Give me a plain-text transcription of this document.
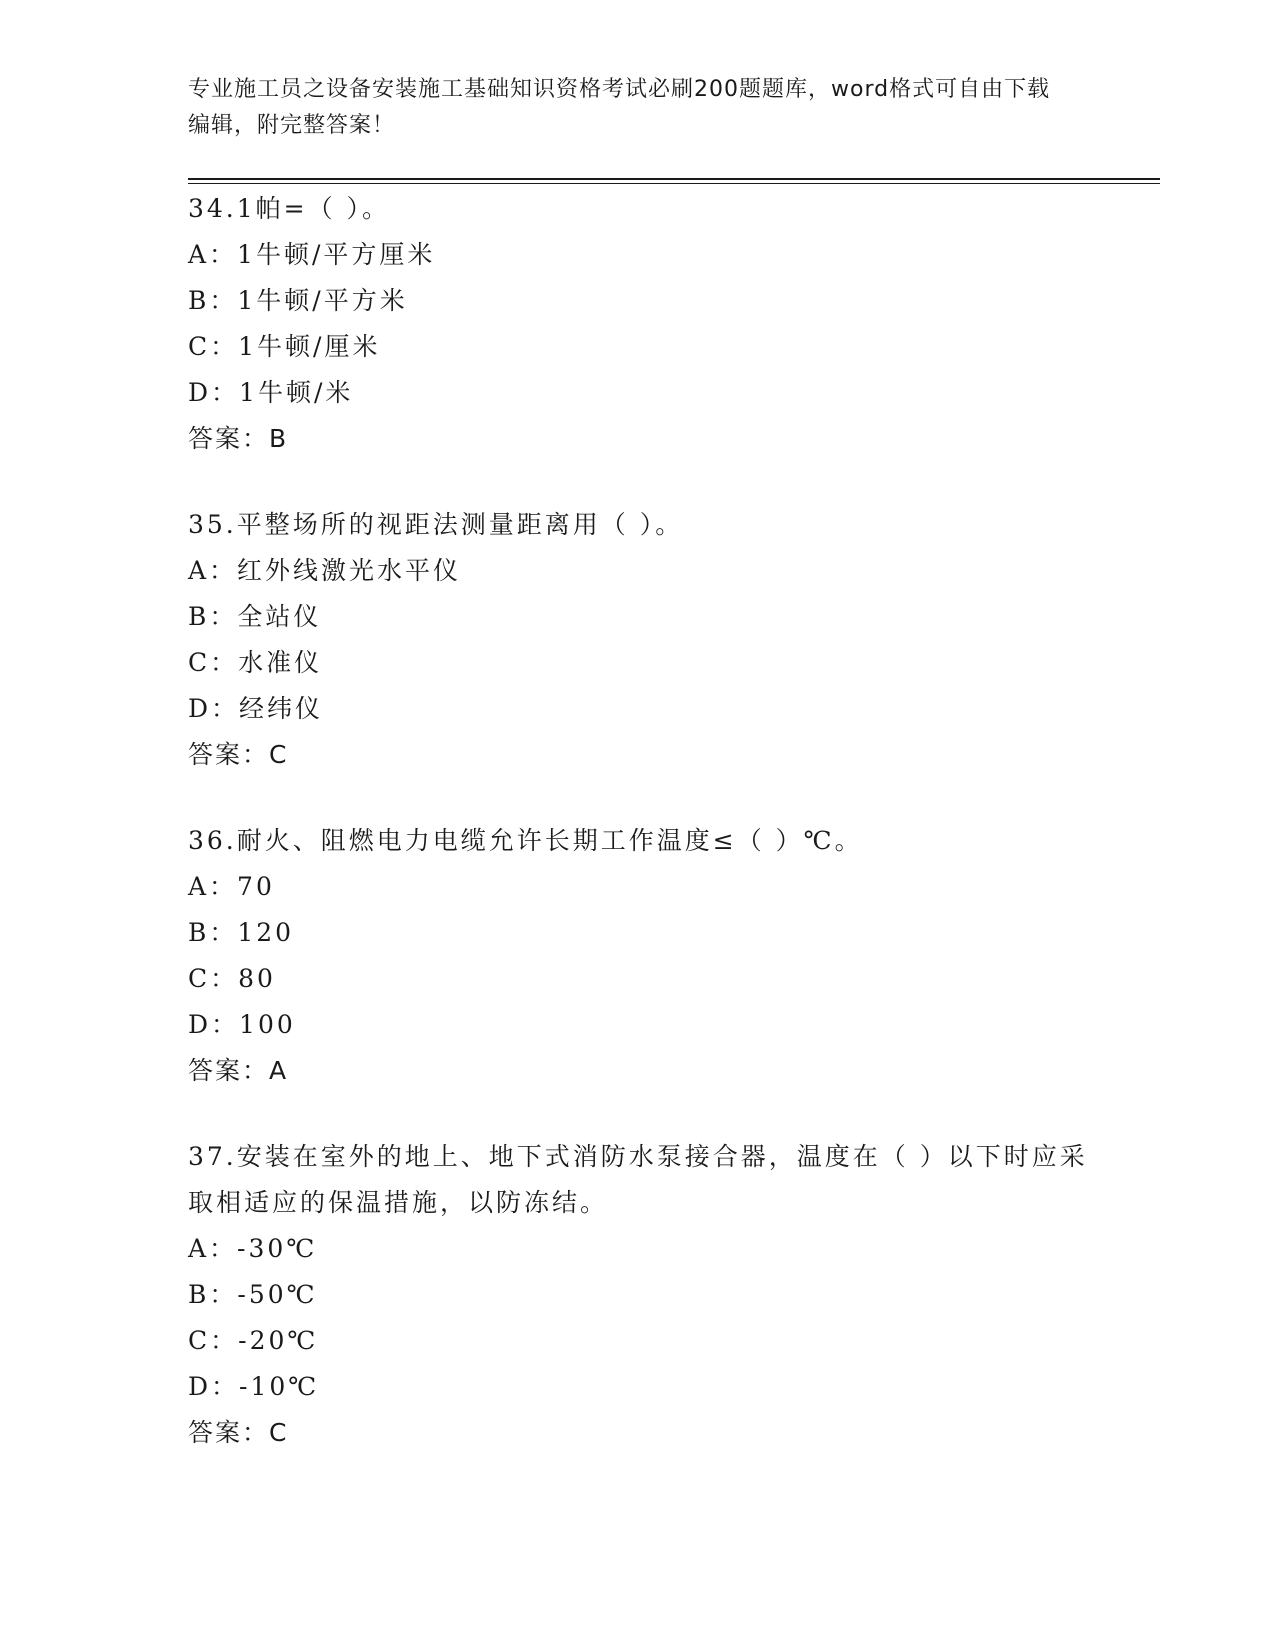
专业施工员之设备安装施工基础知识资格考试必刷200题题库，word格式可自由下载编辑，附完整答案！
34.1帕=（ ）。
A：1牛顿/平方厘米
B：1牛顿/平方米
C：1牛顿/厘米
D：1牛顿/米
答案：B
35.平整场所的视距法测量距离用（ ）。
A：红外线激光水平仪
B：全站仪
C：水准仪
D：经纬仪
答案：C
36.耐火、阻燃电力电缆允许长期工作温度≤（ ）℃。
A：70
B：120
C：80
D：100
答案：A
37.安装在室外的地上、地下式消防水泵接合器，温度在（ ）以下时应采取相适应的保温措施，以防冻结。
A：-30℃
B：-50℃
C：-20℃
D：-10℃
答案：C
